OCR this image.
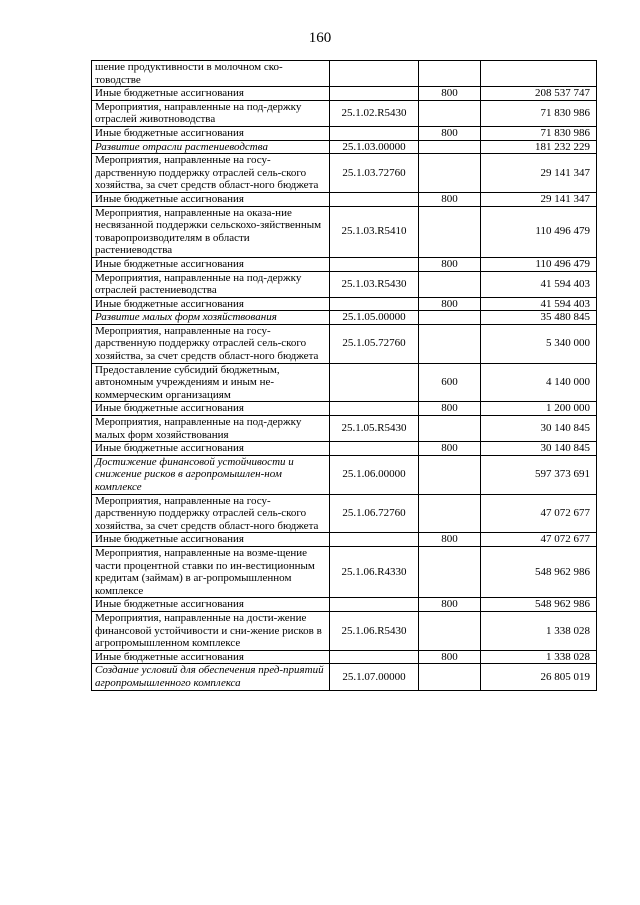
160
шение продуктивности в молочном ско-товодстве			
Иные бюджетные ассигнования		800	208 537 747
Мероприятия, направленные на под-держку отраслей животноводства	25.1.02.R5430		71 830 986
Иные бюджетные ассигнования		800	71 830 986
Развитие отрасли растениеводства	25.1.03.00000		181 232 229
Мероприятия, направленные на госу-дарственную поддержку отраслей сель-ского хозяйства, за счет средств област-ного бюджета	25.1.03.72760		29 141 347
Иные бюджетные ассигнования		800	29 141 347
Мероприятия, направленные на оказа-ние несвязанной поддержки сельскохо-зяйственным товаропроизводителям в области растениеводства	25.1.03.R5410		110 496 479
Иные бюджетные ассигнования		800	110 496 479
Мероприятия, направленные на под-держку отраслей растениеводства	25.1.03.R5430		41 594 403
Иные бюджетные ассигнования		800	41 594 403
Развитие малых форм хозяйствования	25.1.05.00000		35 480 845
Мероприятия, направленные на госу-дарственную поддержку отраслей сель-ского хозяйства, за счет средств област-ного бюджета	25.1.05.72760		5 340 000
Предоставление субсидий бюджетным, автономным учреждениям и иным не-коммерческим организациям		600	4 140 000
Иные бюджетные ассигнования		800	1 200 000
Мероприятия, направленные на под-держку малых форм хозяйствования	25.1.05.R5430		30 140 845
Иные бюджетные ассигнования		800	30 140 845
Достижение финансовой устойчивости и снижение рисков в агропромышлен-ном комплексе	25.1.06.00000		597 373 691
Мероприятия, направленные на госу-дарственную поддержку отраслей сель-ского хозяйства, за счет средств област-ного бюджета	25.1.06.72760		47 072 677
Иные бюджетные ассигнования		800	47 072 677
Мероприятия, направленные на возме-щение части процентной ставки по ин-вестиционным кредитам (займам) в аг-ропромышленном комплексе	25.1.06.R4330		548 962 986
Иные бюджетные ассигнования		800	548 962 986
Мероприятия, направленные на дости-жение финансовой устойчивости и сни-жение рисков в агропромышленном комплексе	25.1.06.R5430		1 338 028
Иные бюджетные ассигнования		800	1 338 028
Создание условий для обеспечения пред-приятий агропромышленного комплекса	25.1.07.00000		26 805 019
